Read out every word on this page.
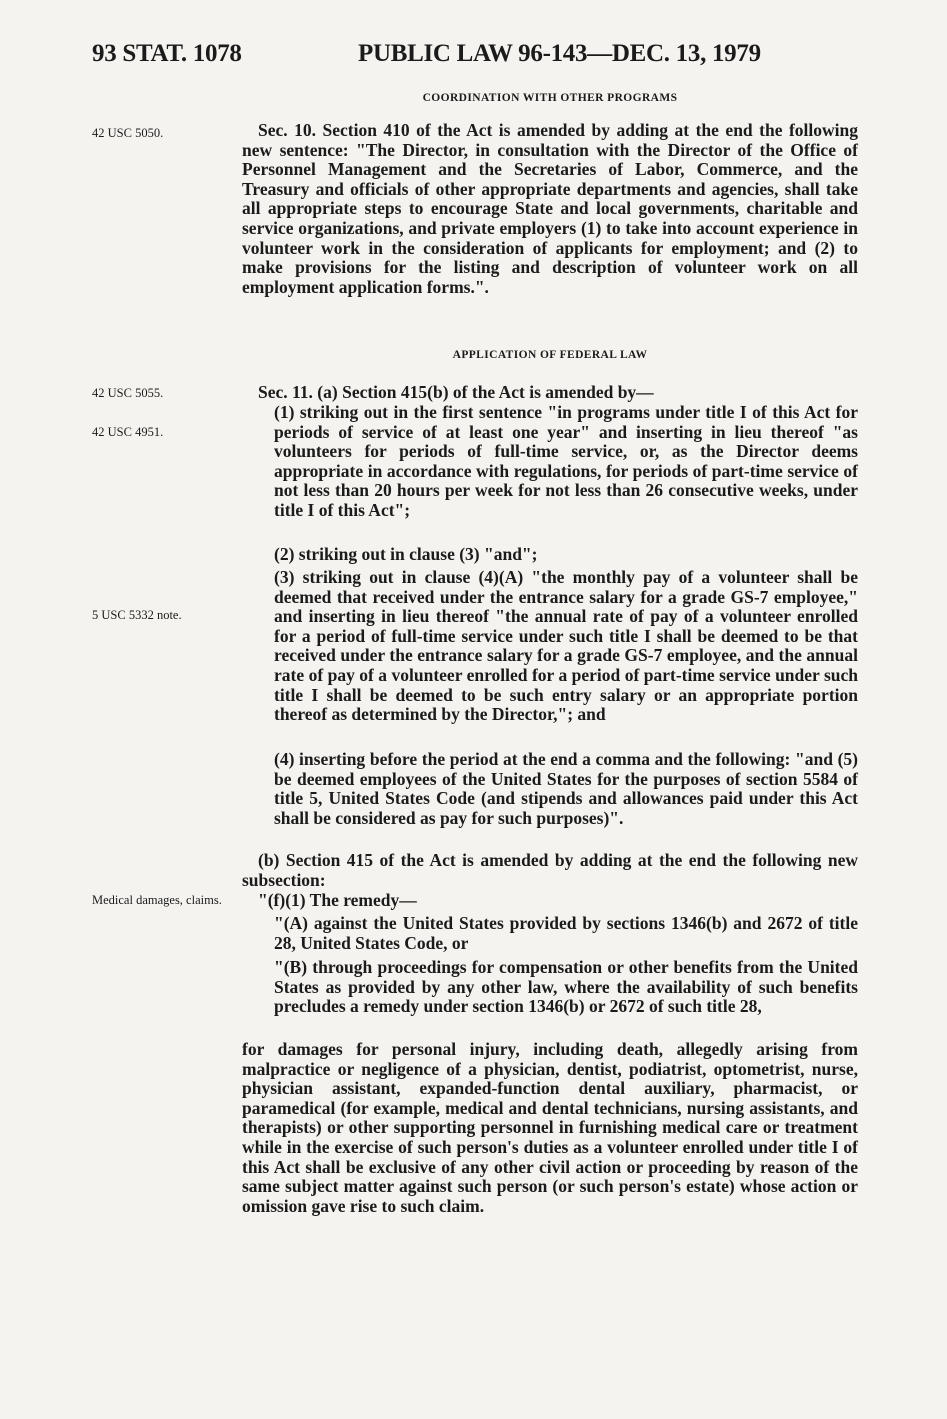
93 STAT. 1078	PUBLIC LAW 96-143—DEC. 13, 1979
COORDINATION WITH OTHER PROGRAMS
42 USC 5050.	Sec. 10. Section 410 of the Act is amended by adding at the end the following new sentence: "The Director, in consultation with the Director of the Office of Personnel Management and the Secretaries of Labor, Commerce, and the Treasury and officials of other appropriate departments and agencies, shall take all appropriate steps to encourage State and local governments, charitable and service organizations, and private employers (1) to take into account experience in volunteer work in the consideration of applicants for employment; and (2) to make provisions for the listing and description of volunteer work on all employment application forms.".

APPLICATION OF FEDERAL LAW
42 USC 5055.
42 USC 4951.
5 USC 5332 note.
Medical damages, claims.

Sec. 11. (a) Section 415(b) of the Act is amended by—

(1) striking out in the first sentence "in programs under title I of this Act for periods of service of at least one year" and inserting in lieu thereof "as volunteers for periods of full-time service, or, as the Director deems appropriate in accordance with regulations, for periods of part-time service of not less than 20 hours per week for not less than 26 consecutive weeks, under title I of this Act";

(2) striking out in clause (3) "and";

(3) striking out in clause (4)(A) "the monthly pay of a volunteer shall be deemed that received under the entrance salary for a grade GS-7 employee," and inserting in lieu thereof "the annual rate of pay of a volunteer enrolled for a period of full-time service under such title I shall be deemed to be that received under the entrance salary for a grade GS-7 employee, and the annual rate of pay of a volunteer enrolled for a period of part-time service under such title I shall be deemed to be such entry salary or an appropriate portion thereof as determined by the Director,"; and

(4) inserting before the period at the end a comma and the following: "and (5) be deemed employees of the United States for the purposes of section 5584 of title 5, United States Code (and stipends and allowances paid under this Act shall be considered as pay for such purposes)".

(b) Section 415 of the Act is amended by adding at the end the following new subsection:

"(f)(1) The remedy—

"(A) against the United States provided by sections 1346(b) and 2672 of title 28, United States Code, or

"(B) through proceedings for compensation or other benefits from the United States as provided by any other law, where the availability of such benefits precludes a remedy under section 1346(b) or 2672 of such title 28,

for damages for personal injury, including death, allegedly arising from malpractice or negligence of a physician, dentist, podiatrist, optometrist, nurse, physician assistant, expanded-function dental auxiliary, pharmacist, or paramedical (for example, medical and dental technicians, nursing assistants, and therapists) or other supporting personnel in furnishing medical care or treatment while in the exercise of such person's duties as a volunteer enrolled under title I of this Act shall be exclusive of any other civil action or proceeding by reason of the same subject matter against such person (or such person's estate) whose action or omission gave rise to such claim.
